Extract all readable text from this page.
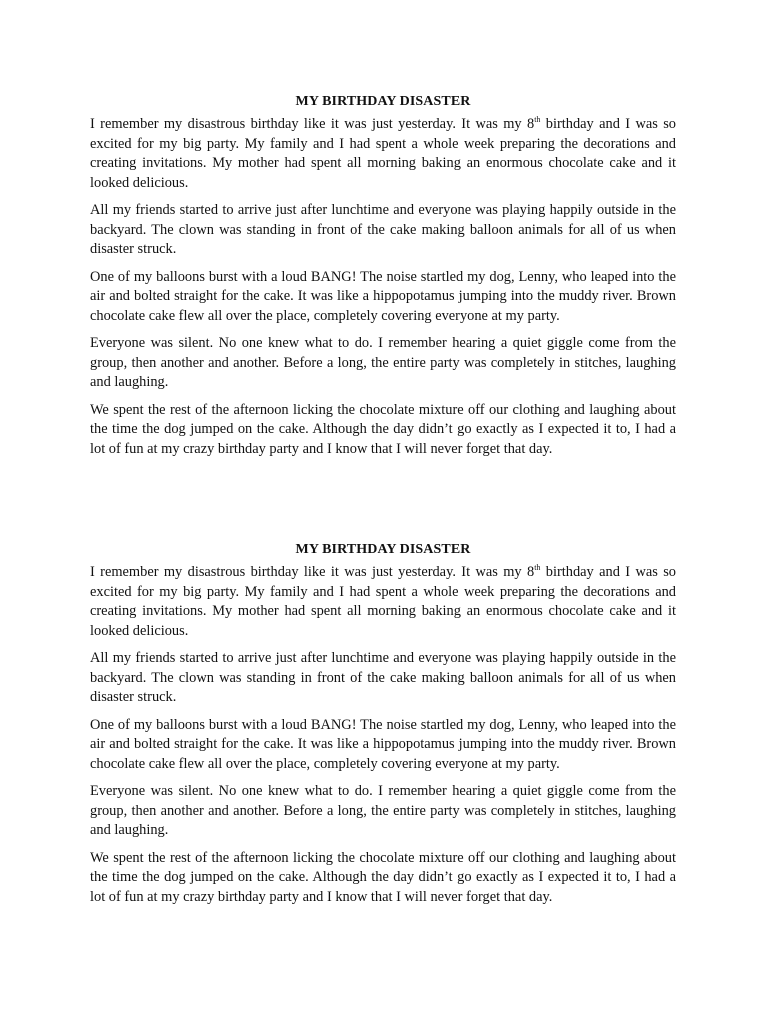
MY BIRTHDAY DISASTER

I remember my disastrous birthday like it was just yesterday. It was my 8th birthday and I was so excited for my big party. My family and I had spent a whole week preparing the decorations and creating invitations. My mother had spent all morning baking an enormous chocolate cake and it looked delicious.

All my friends started to arrive just after lunchtime and everyone was playing happily outside in the backyard. The clown was standing in front of the cake making balloon animals for all of us when disaster struck.

One of my balloons burst with a loud BANG! The noise startled my dog, Lenny, who leaped into the air and bolted straight for the cake. It was like a hippopotamus jumping into the muddy river. Brown chocolate cake flew all over the place, completely covering everyone at my party.

Everyone was silent. No one knew what to do. I remember hearing a quiet giggle come from the group, then another and another. Before a long, the entire party was completely in stitches, laughing and laughing.

We spent the rest of the afternoon licking the chocolate mixture off our clothing and laughing about the time the dog jumped on the cake. Although the day didn’t go exactly as I expected it to, I had a lot of fun at my crazy birthday party and I know that I will never forget that day.

MY BIRTHDAY DISASTER

I remember my disastrous birthday like it was just yesterday. It was my 8th birthday and I was so excited for my big party. My family and I had spent a whole week preparing the decorations and creating invitations. My mother had spent all morning baking an enormous chocolate cake and it looked delicious.

All my friends started to arrive just after lunchtime and everyone was playing happily outside in the backyard. The clown was standing in front of the cake making balloon animals for all of us when disaster struck.

One of my balloons burst with a loud BANG! The noise startled my dog, Lenny, who leaped into the air and bolted straight for the cake. It was like a hippopotamus jumping into the muddy river. Brown chocolate cake flew all over the place, completely covering everyone at my party.

Everyone was silent. No one knew what to do. I remember hearing a quiet giggle come from the group, then another and another. Before a long, the entire party was completely in stitches, laughing and laughing.

We spent the rest of the afternoon licking the chocolate mixture off our clothing and laughing about the time the dog jumped on the cake. Although the day didn’t go exactly as I expected it to, I had a lot of fun at my crazy birthday party and I know that I will never forget that day.
